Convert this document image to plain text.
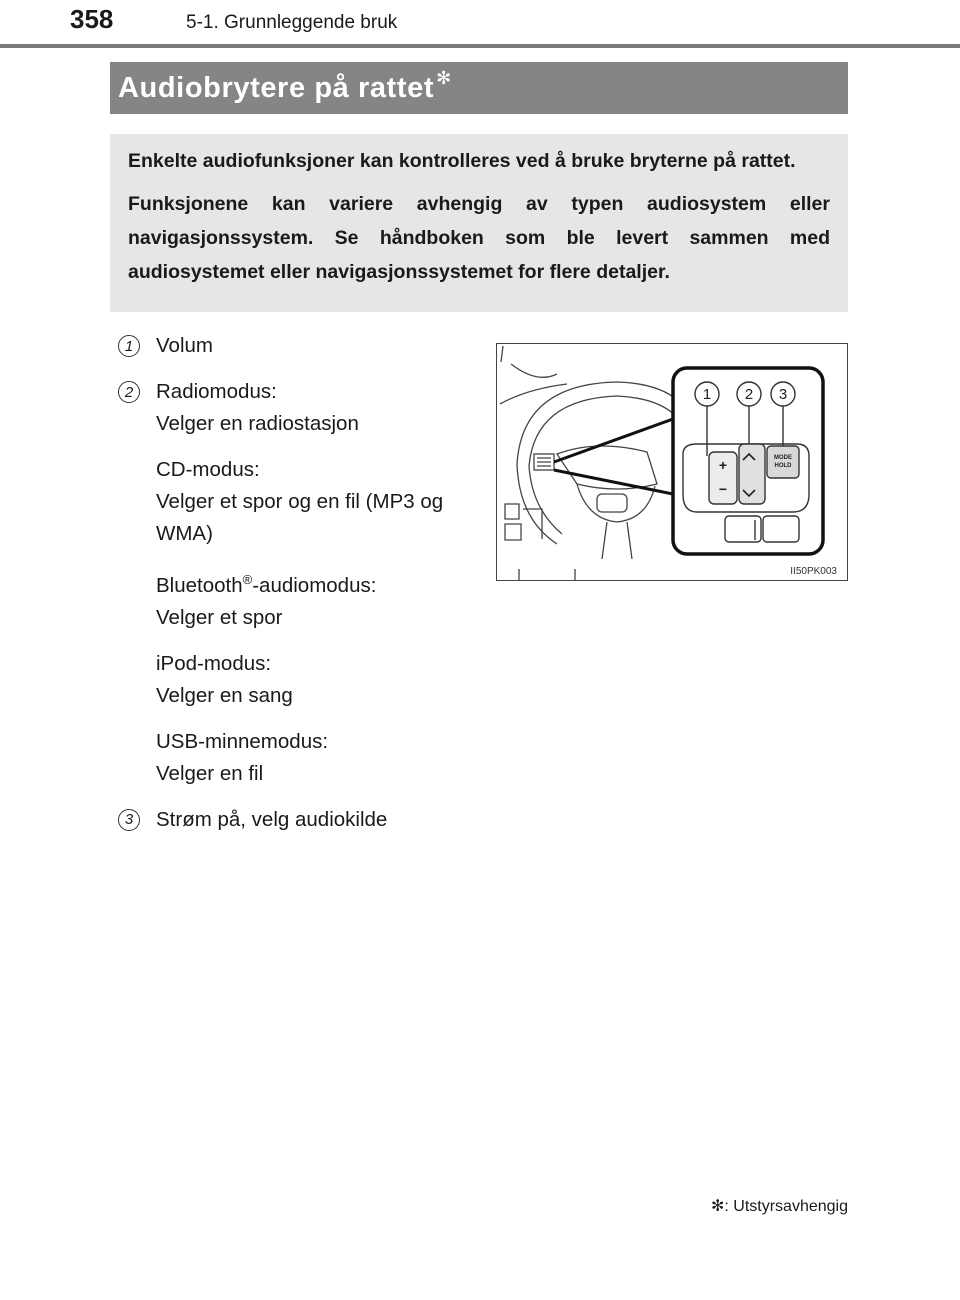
358	5-1. Grunnleggende bruk
Audiobrytere på rattet ✻

Enkelte audiofunksjoner kan kontrolleres ved å bruke bryterne på rattet.

Funksjonene kan variere avhengig av typen audiosystem eller navigasjonssystem. Se håndboken som ble levert sammen med audiosystemet eller navigasjonssystemet for flere detaljer.

1	Volum
2	Radiomodus:
Velger en radiostasjon
CD-modus:
Velger et spor og en fil (MP3 og WMA)
Bluetooth®-audiomodus:
Velger et spor
iPod-modus:
Velger en sang
USB-minnemodus:
Velger en fil
3	Strøm på, velg audiokilde
1 2 3
+
−
MODE
HOLD
II50PK003
✻: Utstyrsavhengig
